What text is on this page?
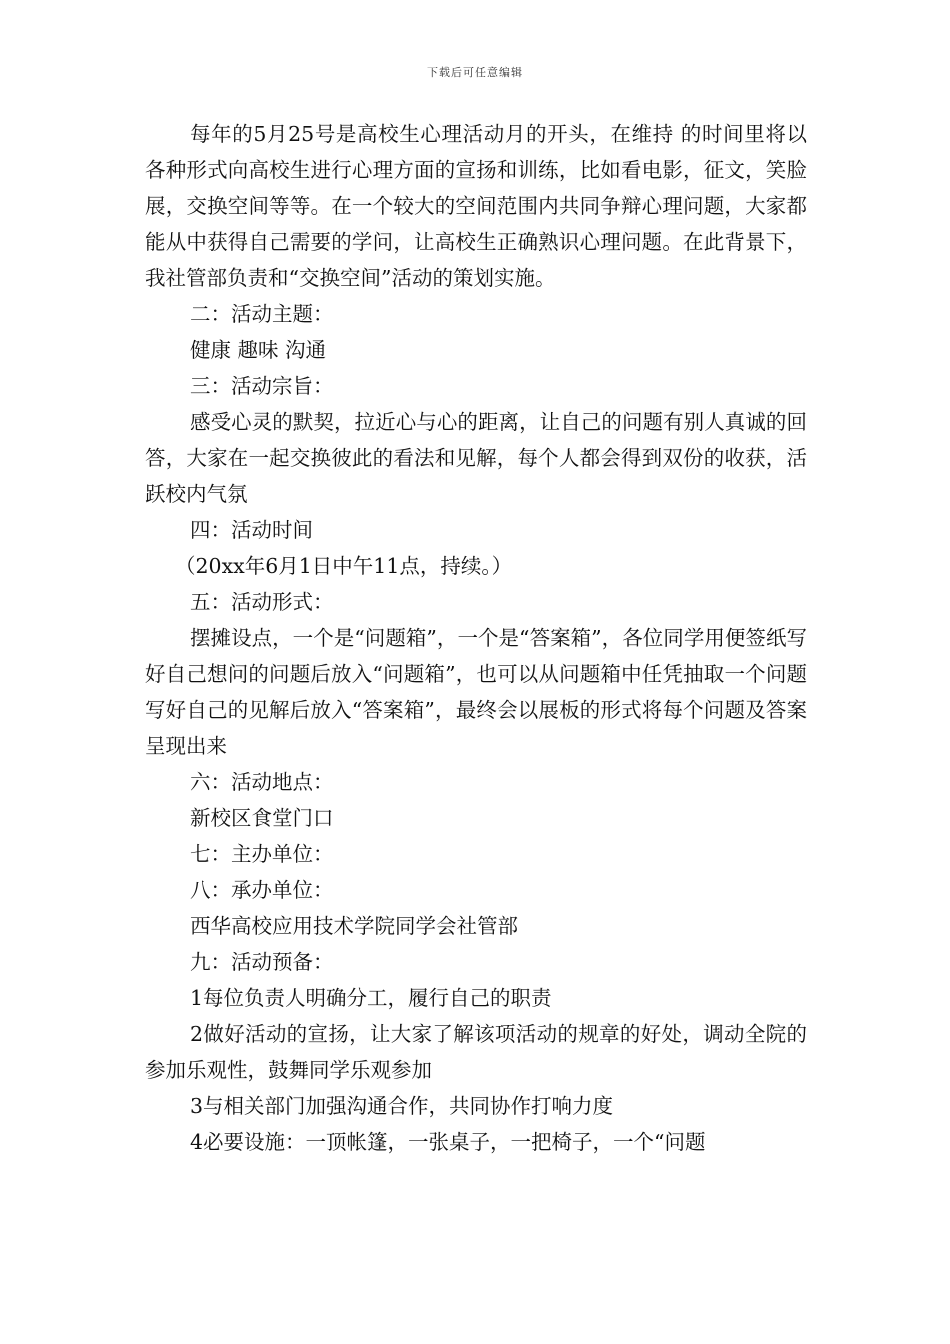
下载后可任意编辑

每年的5月25号是高校生心理活动月的开头，在维持 的时间里将以各种形式向高校生进行心理方面的宣扬和训练，比如看电影，征文，笑脸展，交换空间等等。在一个较大的空间范围内共同争辩心理问题，大家都能从中获得自己需要的学问，让高校生正确熟识心理问题。在此背景下，我社管部负责和“交换空间”活动的策划实施。

二：活动主题：

健康 趣味 沟通

三：活动宗旨：

感受心灵的默契，拉近心与心的距离，让自己的问题有别人真诚的回答，大家在一起交换彼此的看法和见解，每个人都会得到双份的收获，活跃校内气氛

四：活动时间

（20xx年6月1日中午11点，持续。）

五：活动形式：

摆摊设点，一个是“问题箱”，一个是“答案箱”，各位同学用便签纸写好自己想问的问题后放入“问题箱”，也可以从问题箱中任凭抽取一个问题写好自己的见解后放入“答案箱”，最终会以展板的形式将每个问题及答案呈现出来

六：活动地点：

新校区食堂门口

七：主办单位：

八：承办单位：

西华高校应用技术学院同学会社管部

九：活动预备：

1每位负责人明确分工，履行自己的职责

2做好活动的宣扬，让大家了解该项活动的规章的好处，调动全院的参加乐观性，鼓舞同学乐观参加

3与相关部门加强沟通合作，共同协作打响力度

4必要设施：一顶帐篷，一张桌子，一把椅子，一个“问题
